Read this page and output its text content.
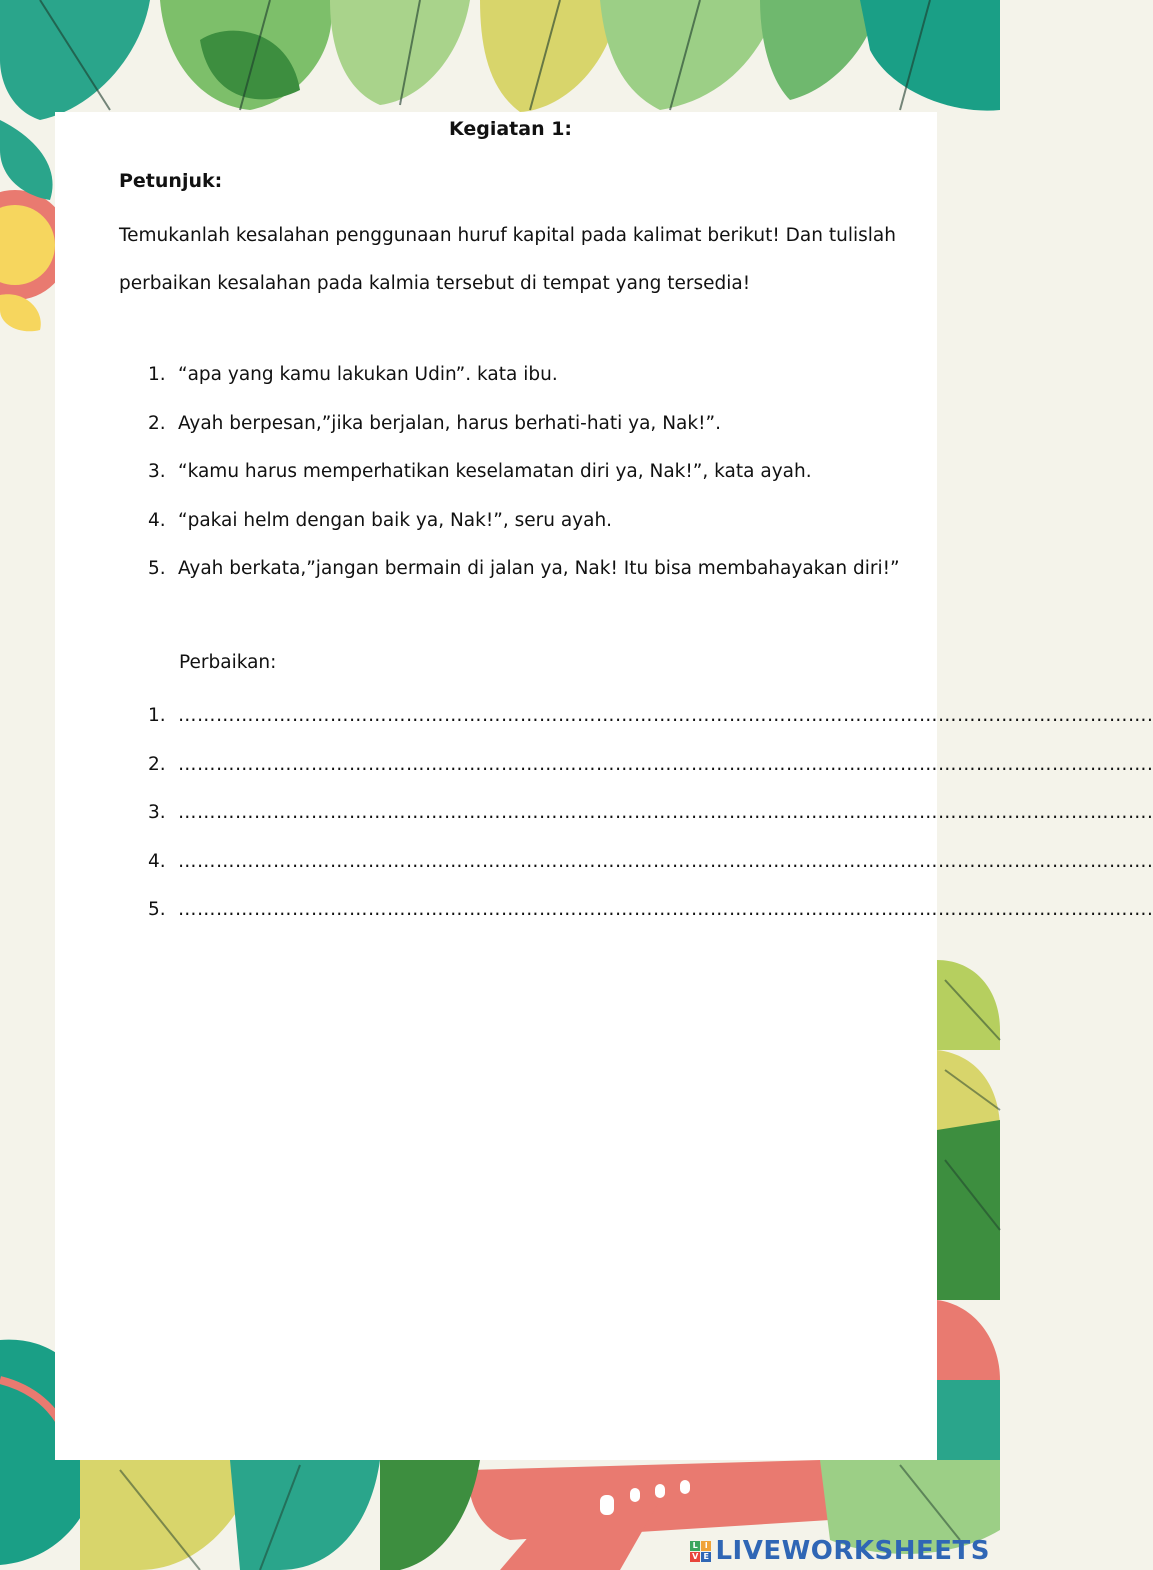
Kegiatan 1:
Petunjuk:

Temukanlah kesalahan penggunaan huruf kapital pada kalimat berikut! Dan tulislah perbaikan kesalahan pada kalmia tersebut di tempat yang tersedia!

1. “apa yang kamu lakukan Udin”. kata ibu.
2. Ayah berpesan,”jika berjalan, harus berhati-hati ya, Nak!”.
3. “kamu harus memperhatikan keselamatan diri ya, Nak!”, kata ayah.
4. “pakai helm dengan baik ya, Nak!”, seru ayah.
5. Ayah berkata,”jangan bermain di jalan ya, Nak! Itu bisa membahayakan diri!”
Perbaikan:
1. ……………………………………………………………………………………………………………………………………….
2. ……………………………………………………………………………………………………………………………………….
3. ……………………………………………………………………………………………………………………………………….
4. ……………………………………………………………………………………………………………………………………….
5. ……………………………………………………………………………………………………………………………………….
L I
V E LIVEWORKSHEETS
